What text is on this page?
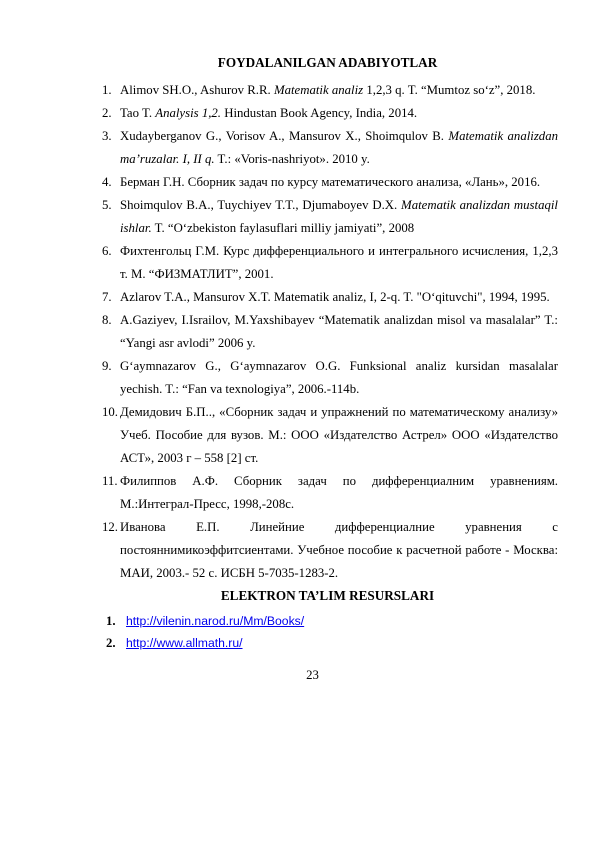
FOYDALANILGAN ADABIYOTLAR
1. Alimov SH.O., Ashurov R.R. Matematik analiz 1,2,3 q. T. “Mumtoz so‘z”, 2018.
2. Tao T. Analysis 1,2. Hindustan Book Agency, India, 2014.
3. Xudayberganov G., Vorisov A., Mansurov X., Shoimqulov B. Matematik analizdan ma’ruzalar. I, II q. T.: «Voris-nashriyot». 2010 y.
4. Берман Г.Н. Сборник задач по курсу математического анализа, «Лань», 2016.
5. Shoimqulov B.A., Tuychiyev T.T., Djumaboyev D.X. Matematik analizdan mustaqil ishlar. T. “O‘zbekiston faylasuflari milliy jamiyati”, 2008
6. Фихтенгольц Г.М. Курс дифференциального и интегрального исчисления, 1,2,3 т. М. “ФИЗМАТЛИТ”, 2001.
7. Azlarov T.A., Mansurov X.T. Matematik analiz, I, 2-q. T. "O‘qituvchi", 1994, 1995.
8. A.Gaziyev, I.Israilov, M.Yaxshibayev “Matematik analizdan misol va masalalar” T.: “Yangi asr avlodi” 2006 y.
9. G‘aymnazarov G., G‘aymnazarov O.G. Funksional analiz kursidan masalalar yechish. T.: “Fan va texnologiya”, 2006.-114b.
10. Демидович Б.П.., «Сборник задач и упражнений по математическому анализу» Учеб. Пособие для вузов. М.: ООО «Издателство Астрел» ООО «Издателство АСТ», 2003 г – 558 [2] ст.
11. Филиппов А.Ф. Сборник задач по дифференциалним уравнениям. М.:Интеграл-Пресс, 1998,-208с.
12. Иванова Е.П. Линейние дифференциалние уравнения с постояннимикоэффитсиентами. Учебное пособие к расчетной работе - Москва: МАИ, 2003.- 52 с. ИСБН 5-7035-1283-2.
ELEKTRON TA’LIM RESURSLARI
1. http://vilenin.narod.ru/Mm/Books/
2. http://www.allmath.ru/
23
